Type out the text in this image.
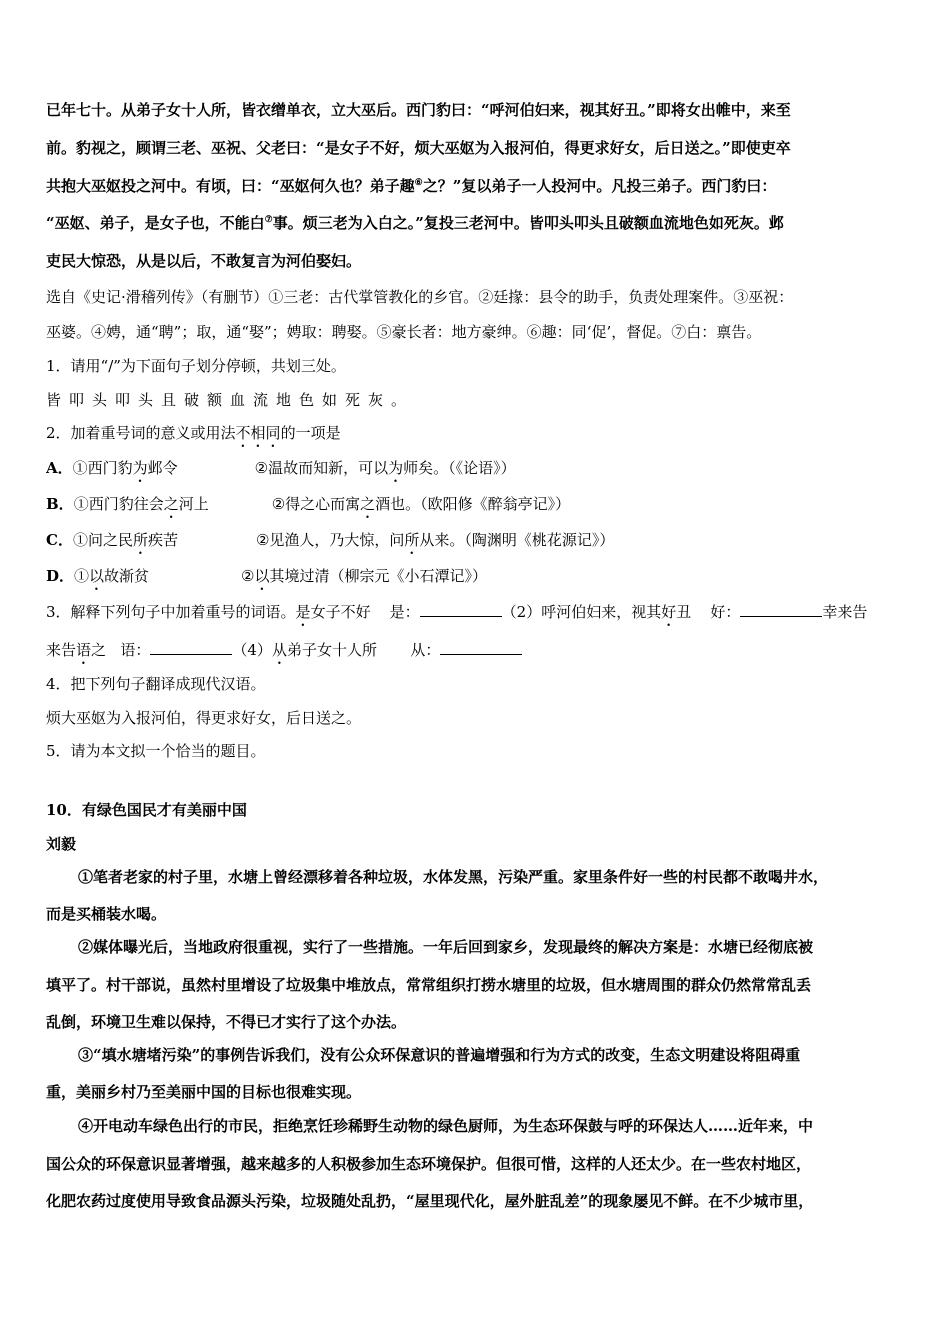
已年七十。从弟子女十人所，皆衣缯单衣，立大巫后。西门豹曰：“呼河伯妇来，视其好丑。”即将女出帷中，来至
前。豹视之，顾谓三老、巫祝、父老曰：“是女子不好，烦大巫妪为入报河伯，得更求好女，后日送之。”即使吏卒
共抱大巫妪投之河中。有顷，曰：“巫妪何久也？弟子趣⑥之？”复以弟子一人投河中。凡投三弟子。西门豹曰：
“巫妪、弟子，是女子也，不能白⑦事。烦三老为入白之。”复投三老河中。皆叩头叩头且破额血流地色如死灰。邺
吏民大惊恐，从是以后，不敢复言为河伯娶妇。
选自《史记·滑稽列传》（有删节）①三老：古代掌管教化的乡官。②廷掾：县令的助手，负责处理案件。③巫祝：
巫婆。④娉，通“聘”；取，通“娶”；娉取：聘娶。⑤豪长者：地方豪绅。⑥趣：同‘促’，督促。⑦白：禀告。
1．请用“/”为下面句子划分停顿，共划三处。
皆叩头叩头且破额血流地色如死灰。
2．加着重号词的意义或用法不相同的一项是
A．①西门豹为邺令	②温故而知新，可以为师矣。（《论语》）
B．①西门豹往会之河上	②得之心而寓之酒也。（欧阳修《醉翁亭记》）
C．①问之民所疾苦	②见渔人，乃大惊，问所从来。（陶渊明《桃花源记》）
D．①以故渐贫	②以其境过清（柳宗元《小石潭记》）
3．解释下列句子中加着重号的词语。是女子不好 是：	（2）呼河伯妇来，视其好丑 好：	幸来告
来告语之 语：	（4）从弟子女十人所 从：
4．把下列句子翻译成现代汉语。
烦大巫妪为入报河伯，得更求好女，后日送之。
5．请为本文拟一个恰当的题目。
10．有绿色国民才有美丽中国
刘毅
①笔者老家的村子里，水塘上曾经漂移着各种垃圾，水体发黑，污染严重。家里条件好一些的村民都不敢喝井水，
而是买桶装水喝。
②媒体曝光后，当地政府很重视，实行了一些措施。一年后回到家乡，发现最终的解决方案是：水塘已经彻底被
填平了。村干部说，虽然村里增设了垃圾集中堆放点，常常组织打捞水塘里的垃圾，但水塘周围的群众仍然常常乱丢
乱倒，环境卫生难以保持，不得已才实行了这个办法。
③“填水塘堵污染”的事例告诉我们，没有公众环保意识的普遍增强和行为方式的改变，生态文明建设将阻碍重
重，美丽乡村乃至美丽中国的目标也很难实现。
④开电动车绿色出行的市民，拒绝烹饪珍稀野生动物的绿色厨师，为生态环保鼓与呼的环保达人……近年来，中
国公众的环保意识显著增强，越来越多的人积极参加生态环境保护。但很可惜，这样的人还太少。在一些农村地区，
化肥农药过度使用导致食品源头污染，垃圾随处乱扔，“屋里现代化，屋外脏乱差”的现象屡见不鲜。在不少城市里，
